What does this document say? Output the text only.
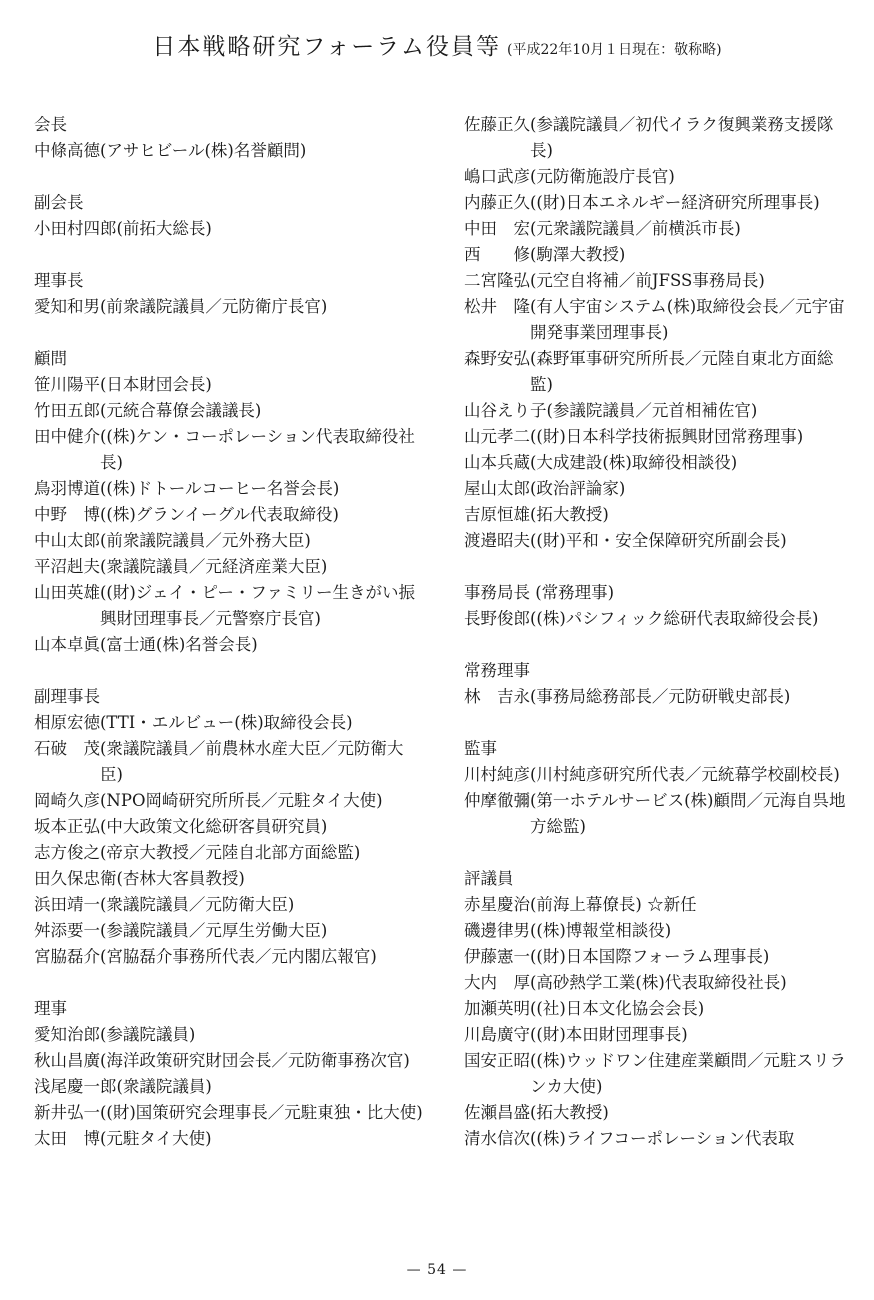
日本戦略研究フォーラム役員等 (平成22年10月１日現在：敬称略)
会長
中條高德 (アサヒビール(株)名誉顧問)
副会長
小田村四郎 (前拓大総長)
理事長
愛知和男 (前衆議院議員／元防衛庁長官)
顧問
笹川陽平 (日本財団会長)
竹田五郎 (元統合幕僚会議議長)
田中健介 ((株)ケン・コーポレーション代表取締役社長)
鳥羽博道 ((株)ドトールコーヒー名誉会長)
中野　博 ((株)グランイーグル代表取締役)
中山太郎 (前衆議院議員／元外務大臣)
平沼赳夫 (衆議院議員／元経済産業大臣)
山田英雄 ((財)ジェイ・ピー・ファミリー生きがい振興財団理事長／元警察庁長官)
山本卓眞 (富士通(株)名誉会長)
副理事長
相原宏徳 (TTI・エルビュー(株)取締役会長)
石破　茂 (衆議院議員／前農林水産大臣／元防衛大臣)
岡崎久彦 (NPO岡崎研究所所長／元駐タイ大使)
坂本正弘 (中大政策文化総研客員研究員)
志方俊之 (帝京大教授／元陸自北部方面総監)
田久保忠衛 (杏林大客員教授)
浜田靖一 (衆議院議員／元防衛大臣)
舛添要一 (参議院議員／元厚生労働大臣)
宮脇磊介 (宮脇磊介事務所代表／元内閣広報官)
理事
愛知治郎 (参議院議員)
秋山昌廣 (海洋政策研究財団会長／元防衛事務次官)
浅尾慶一郎 (衆議院議員)
新井弘一 ((財)国策研究会理事長／元駐東独・比大使)
太田　博 (元駐タイ大使)
佐藤正久 (参議院議員／初代イラク復興業務支援隊長)
嶋口武彦 (元防衛施設庁長官)
内藤正久 ((財)日本エネルギー経済研究所理事長)
中田　宏 (元衆議院議員／前横浜市長)
西　　修 (駒澤大教授)
二宮隆弘 (元空自将補／前JFSS事務局長)
松井　隆 (有人宇宙システム(株)取締役会長／元宇宙開発事業団理事長)
森野安弘 (森野軍事研究所所長／元陸自東北方面総監)
山谷えり子 (参議院議員／元首相補佐官)
山元孝二 ((財)日本科学技術振興財団常務理事)
山本兵蔵 (大成建設(株)取締役相談役)
屋山太郎 (政治評論家)
吉原恒雄 (拓大教授)
渡邉昭夫 ((財)平和・安全保障研究所副会長)
事務局長 (常務理事)
長野俊郎 ((株)パシフィック総研代表取締役会長)
常務理事
林　吉永 (事務局総務部長／元防研戦史部長)
監事
川村純彦 (川村純彦研究所代表／元統幕学校副校長)
仲摩徹彌 (第一ホテルサービス(株)顧問／元海自呉地方総監)
評議員
赤星慶治 (前海上幕僚長) ☆新任
磯邊律男 ((株)博報堂相談役)
伊藤憲一 ((財)日本国際フォーラム理事長)
大内　厚 (高砂熱学工業(株)代表取締役社長)
加瀬英明 ((社)日本文化協会会長)
川島廣守 ((財)本田財団理事長)
国安正昭 ((株)ウッドワン住建産業顧問／元駐スリランカ大使)
佐瀬昌盛 (拓大教授)
清水信次 ((株)ライフコーポレーション代表取
— 54 —
